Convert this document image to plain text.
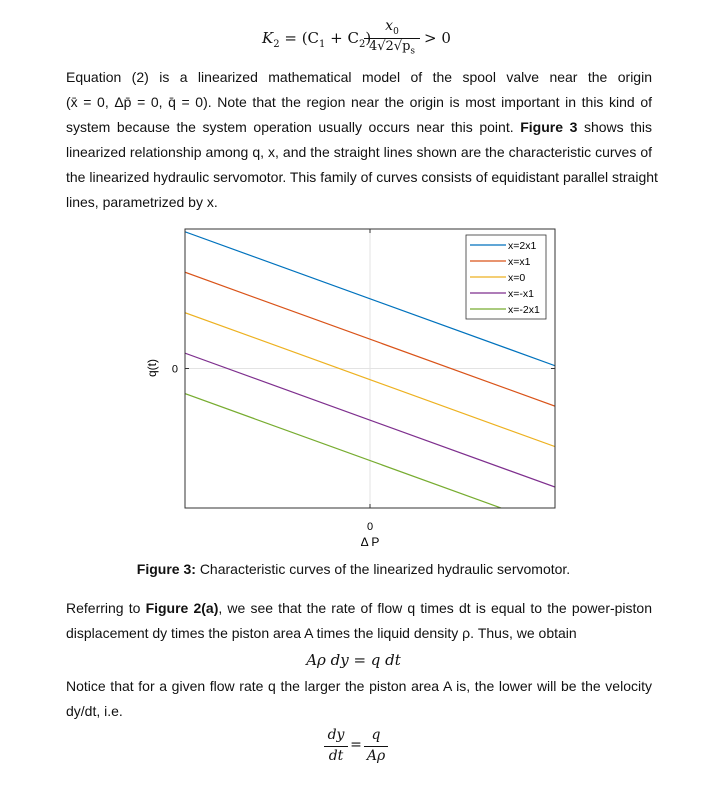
$K_2 = (C_1 + C_2)$
$x_0$
$4√2√p_s$
> 0
Equation (2) is a linearized mathematical model of the spool valve near the origin
(x̄ = 0, Δp̄ = 0, q̄ = 0). Note that the region near the origin is most important in this kind of
system because the system operation usually occurs near this point. Figure 3 shows this
linearized relationship among q, x, and the straight lines shown are the characteristic curves of
the linearized hydraulic servomotor. This family of curves consists of equidistant parallel straight
lines, parametrized by x.
0
0
Δ P
q(t)
x=2x1
x=x1
x=0
x=-x1
x=-2x1
Figure 3: Characteristic curves of the linearized hydraulic servomotor.
Referring to Figure 2(a), we see that the rate of flow q times dt is equal to the power-piston
displacement dy times the piston area A times the liquid density ρ. Thus, we obtain
Aρ dy = q dt
Notice that for a given flow rate q the larger the piston area A is, the lower will be the velocity
dy/dt, i.e.
dy
dt
=
q
Aρ
